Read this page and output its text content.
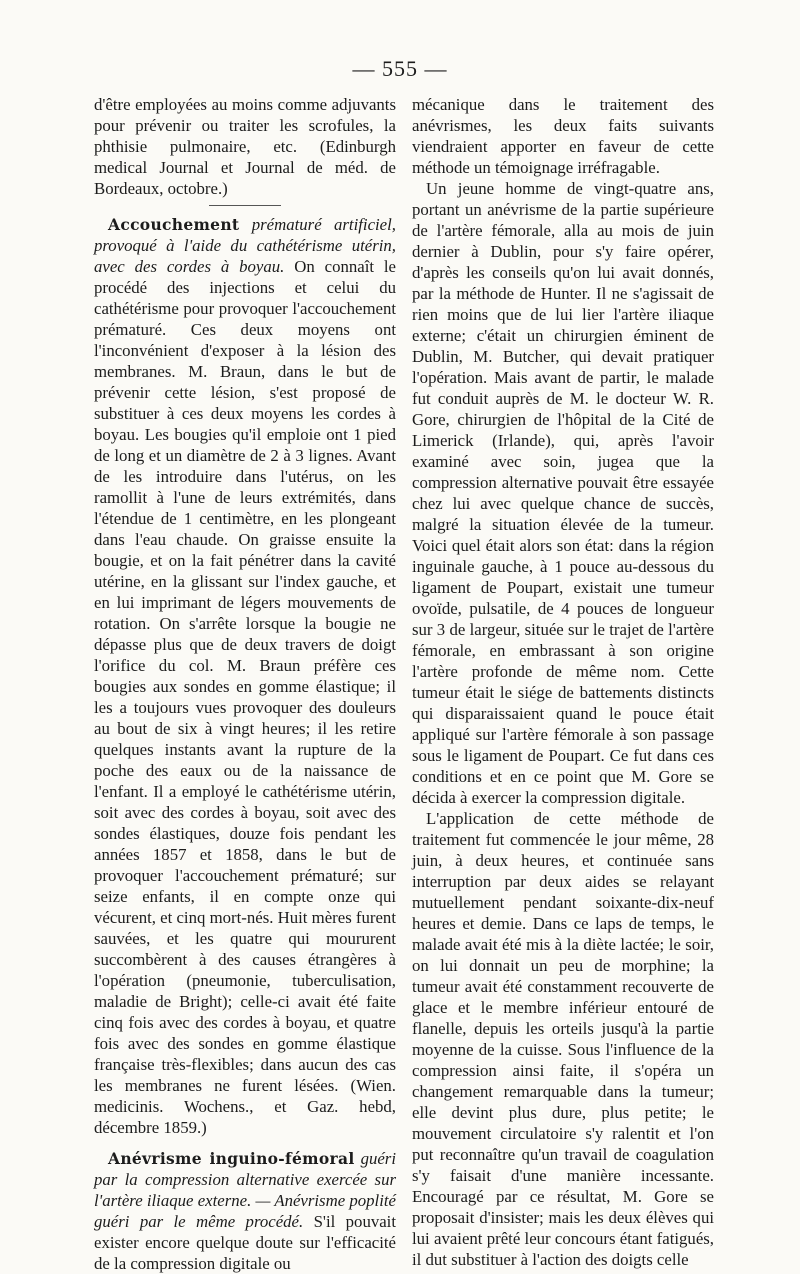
— 555 —

d'être employées au moins comme adjuvants pour prévenir ou traiter les scrofules, la phthisie pulmonaire, etc. (Edinburgh medical Journal et Journal de méd. de Bordeaux, octobre.)

Accouchement prématuré artificiel, provoqué à l'aide du cathétérisme utérin, avec des cordes à boyau. On connaît le procédé des injections et celui du cathétérisme pour provoquer l'accouchement prématuré. Ces deux moyens ont l'inconvénient d'exposer à la lésion des membranes. M. Braun, dans le but de prévenir cette lésion, s'est proposé de substituer à ces deux moyens les cordes à boyau. Les bougies qu'il emploie ont 1 pied de long et un diamètre de 2 à 3 lignes. Avant de les introduire dans l'utérus, on les ramollit à l'une de leurs extrémités, dans l'étendue de 1 centimètre, en les plongeant dans l'eau chaude. On graisse ensuite la bougie, et on la fait pénétrer dans la cavité utérine, en la glissant sur l'index gauche, et en lui imprimant de légers mouvements de rotation. On s'arrête lorsque la bougie ne dépasse plus que de deux travers de doigt l'orifice du col. M. Braun préfère ces bougies aux sondes en gomme élastique; il les a toujours vues provoquer des douleurs au bout de six à vingt heures; il les retire quelques instants avant la rupture de la poche des eaux ou de la naissance de l'enfant. Il a employé le cathétérisme utérin, soit avec des cordes à boyau, soit avec des sondes élastiques, douze fois pendant les années 1857 et 1858, dans le but de provoquer l'accouchement prématuré; sur seize enfants, il en compte onze qui vécurent, et cinq mort-nés. Huit mères furent sauvées, et les quatre qui moururent succombèrent à des causes étrangères à l'opération (pneumonie, tuberculisation, maladie de Bright); celle-ci avait été faite cinq fois avec des cordes à boyau, et quatre fois avec des sondes en gomme élastique française très-flexibles; dans aucun des cas les membranes ne furent lésées. (Wien. medicinis. Wochens., et Gaz. hebd, décembre 1859.)

Anévrisme inguino-fémoral guéri par la compression alternative exercée sur l'artère iliaque externe. — Anévrisme poplité guéri par le même procédé. S'il pouvait exister encore quelque doute sur l'efficacité de la compression digitale ou

mécanique dans le traitement des anévrismes, les deux faits suivants viendraient apporter en faveur de cette méthode un témoignage irréfragable.

Un jeune homme de vingt-quatre ans, portant un anévrisme de la partie supérieure de l'artère fémorale, alla au mois de juin dernier à Dublin, pour s'y faire opérer, d'après les conseils qu'on lui avait donnés, par la méthode de Hunter. Il ne s'agissait de rien moins que de lui lier l'artère iliaque externe; c'était un chirurgien éminent de Dublin, M. Butcher, qui devait pratiquer l'opération. Mais avant de partir, le malade fut conduit auprès de M. le docteur W. R. Gore, chirurgien de l'hôpital de la Cité de Limerick (Irlande), qui, après l'avoir examiné avec soin, jugea que la compression alternative pouvait être essayée chez lui avec quelque chance de succès, malgré la situation élevée de la tumeur. Voici quel était alors son état: dans la région inguinale gauche, à 1 pouce au-dessous du ligament de Poupart, existait une tumeur ovoïde, pulsatile, de 4 pouces de longueur sur 3 de largeur, située sur le trajet de l'artère fémorale, en embrassant à son origine l'artère profonde de même nom. Cette tumeur était le siége de battements distincts qui disparaissaient quand le pouce était appliqué sur l'artère fémorale à son passage sous le ligament de Poupart. Ce fut dans ces conditions et en ce point que M. Gore se décida à exercer la compression digitale.

L'application de cette méthode de traitement fut commencée le jour même, 28 juin, à deux heures, et continuée sans interruption par deux aides se relayant mutuellement pendant soixante-dix-neuf heures et demie. Dans ce laps de temps, le malade avait été mis à la diète lactée; le soir, on lui donnait un peu de morphine; la tumeur avait été constamment recouverte de glace et le membre inférieur entouré de flanelle, depuis les orteils jusqu'à la partie moyenne de la cuisse. Sous l'influence de la compression ainsi faite, il s'opéra un changement remarquable dans la tumeur; elle devint plus dure, plus petite; le mouvement circulatoire s'y ralentit et l'on put reconnaître qu'un travail de coagulation s'y faisait d'une manière incessante. Encouragé par ce résultat, M. Gore se proposait d'insister; mais les deux élèves qui lui avaient prêté leur concours étant fatigués, il dut substituer à l'action des doigts celle
